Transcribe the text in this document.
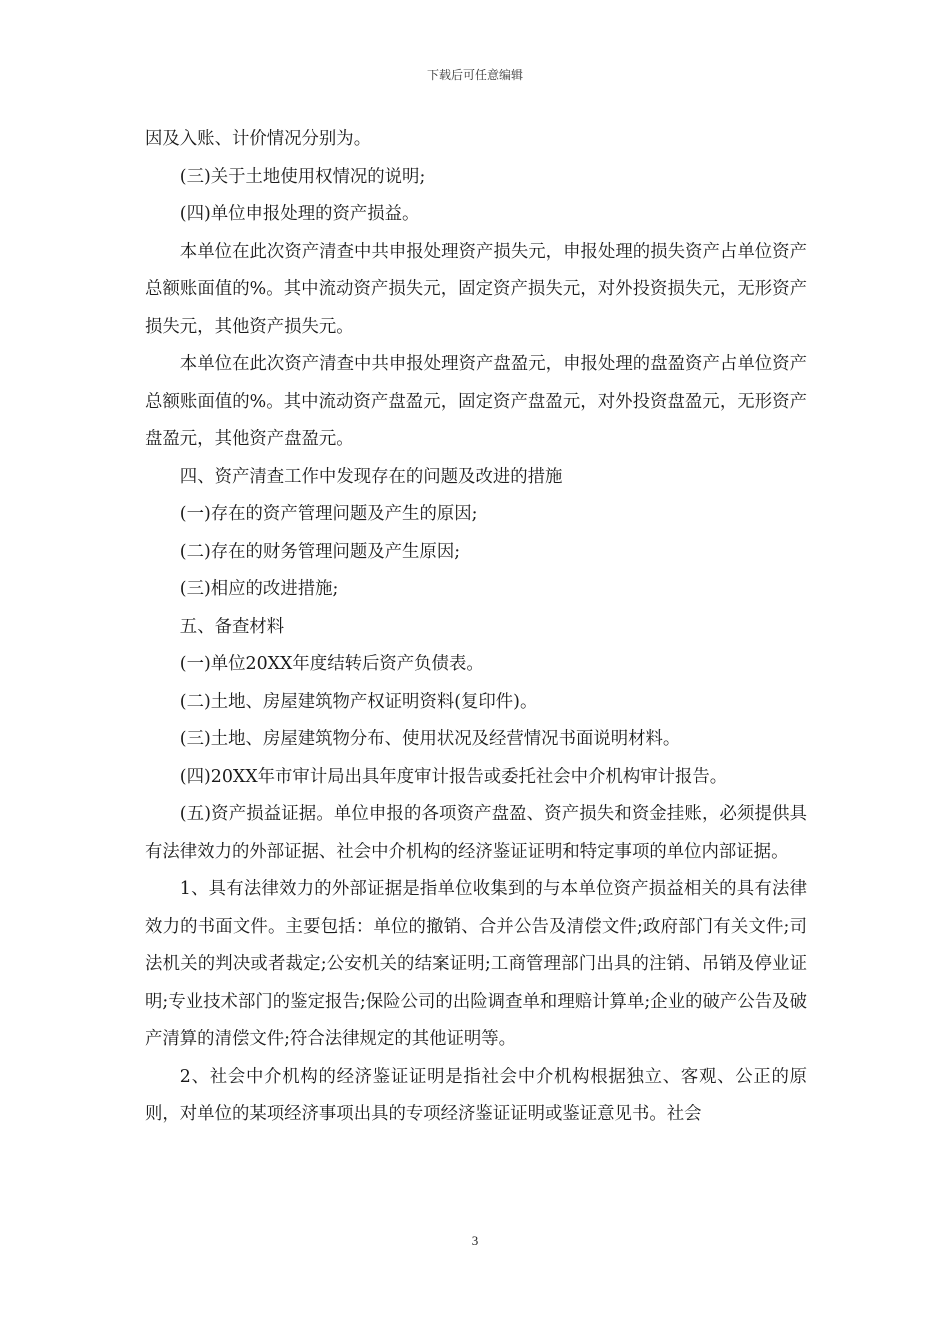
下载后可任意编辑

因及入账、计价情况分别为。

(三)关于土地使用权情况的说明;

(四)单位申报处理的资产损益。

本单位在此次资产清查中共申报处理资产损失元，申报处理的损失资产占单位资产总额账面值的%。其中流动资产损失元，固定资产损失元，对外投资损失元，无形资产损失元，其他资产损失元。

本单位在此次资产清查中共申报处理资产盘盈元，申报处理的盘盈资产占单位资产总额账面值的%。其中流动资产盘盈元，固定资产盘盈元，对外投资盘盈元，无形资产盘盈元，其他资产盘盈元。

四、资产清查工作中发现存在的问题及改进的措施

(一)存在的资产管理问题及产生的原因;

(二)存在的财务管理问题及产生原因;

(三)相应的改进措施;

五、备查材料

(一)单位20XX年度结转后资产负债表。

(二)土地、房屋建筑物产权证明资料(复印件)。

(三)土地、房屋建筑物分布、使用状况及经营情况书面说明材料。

(四)20XX年市审计局出具年度审计报告或委托社会中介机构审计报告。

(五)资产损益证据。单位申报的各项资产盘盈、资产损失和资金挂账，必须提供具有法律效力的外部证据、社会中介机构的经济鉴证证明和特定事项的单位内部证据。

1、具有法律效力的外部证据是指单位收集到的与本单位资产损益相关的具有法律效力的书面文件。主要包括：单位的撤销、合并公告及清偿文件;政府部门有关文件;司法机关的判决或者裁定;公安机关的结案证明;工商管理部门出具的注销、吊销及停业证明;专业技术部门的鉴定报告;保险公司的出险调查单和理赔计算单;企业的破产公告及破产清算的清偿文件;符合法律规定的其他证明等。

2、社会中介机构的经济鉴证证明是指社会中介机构根据独立、客观、公正的原则，对单位的某项经济事项出具的专项经济鉴证证明或鉴证意见书。社会

3
